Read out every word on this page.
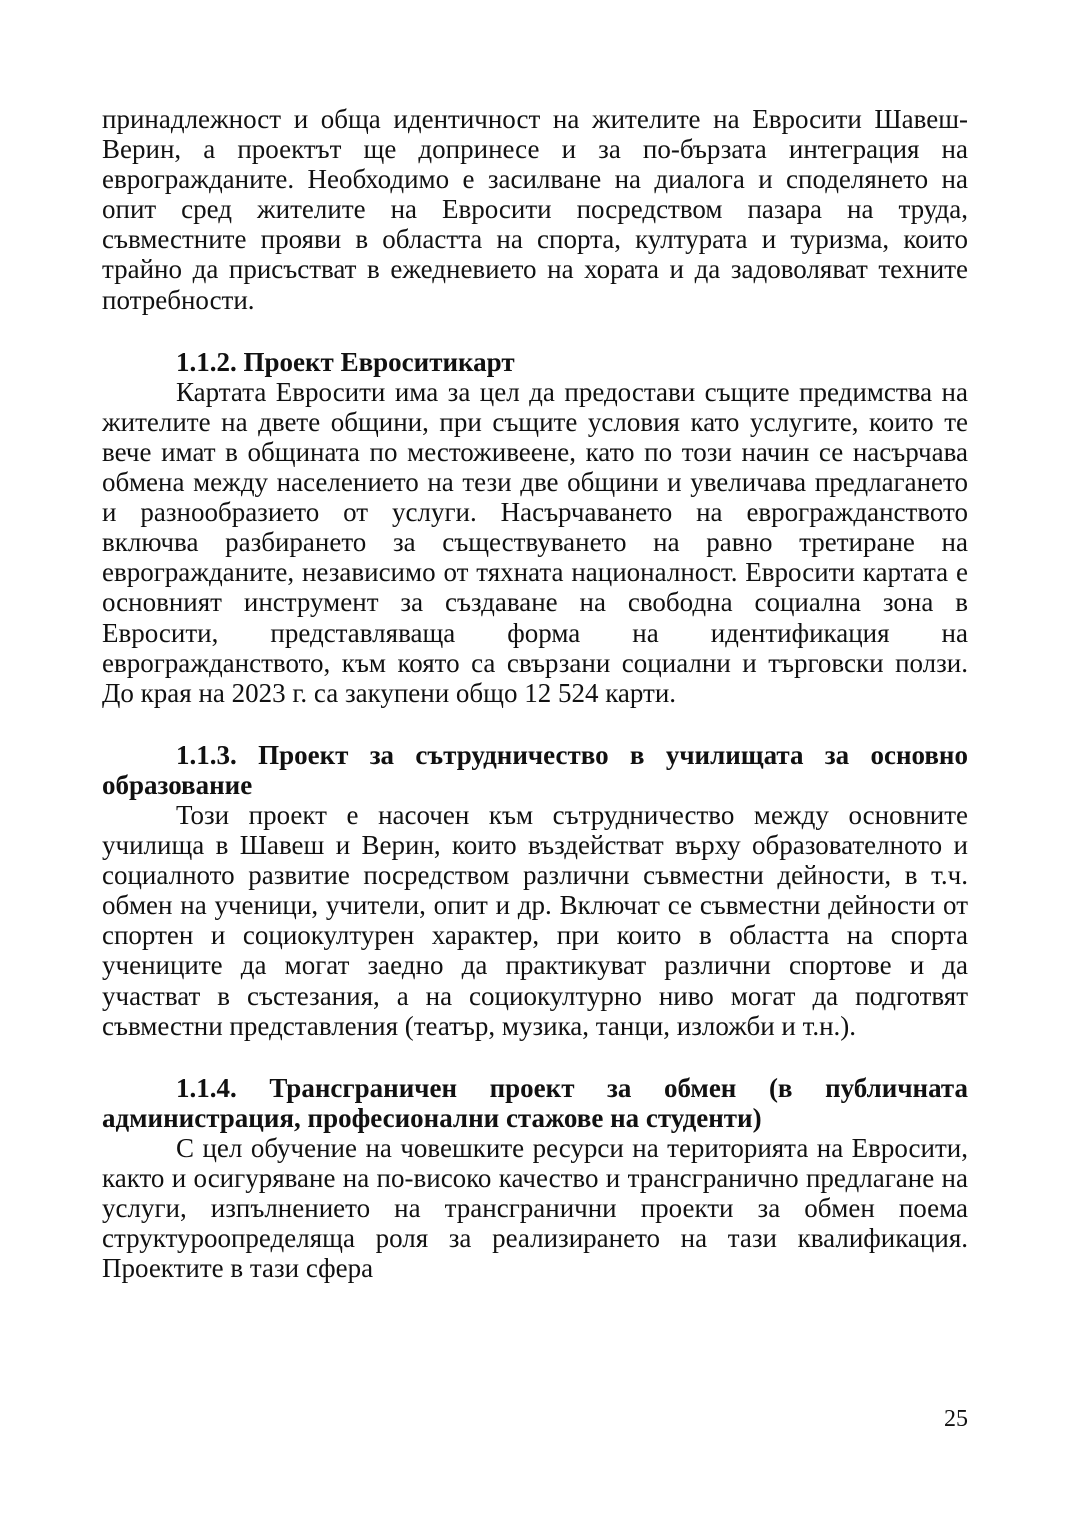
принадлежност и обща идентичност на жителите на Евросити Шавеш-Верин, а проектът ще допринесе и за по-бързата интеграция на еврогражданите. Необходимо е засилване на диалога и споделянето на опит сред жителите на Евросити посредством пазара на труда, съвместните прояви в областта на спорта, културата и туризма, които трайно да присъстват в ежедневието на хората и да задоволяват техните потребности.

1.1.2. Проект Евроситикарт

Картата Евросити има за цел да предостави същите предимства на жителите на двете общини, при същите условия като услугите, които те вече имат в общината по местоживеене, като по този начин се насърчава обмена между населението на тези две общини и увеличава предлагането и разнообразието от услуги. Насърчаването на еврогражданството включва разбирането за съществуването на равно третиране на еврогражданите, независимо от тяхната националност. Евросити картата е основният инструмент за създаване на свободна социална зона в Евросити, представляваща форма на идентификация на еврогражданството, към която са свързани социални и търговски ползи. До края на 2023 г. са закупени общо 12 524 карти.

1.1.3. Проект за сътрудничество в училищата за основно образование

Този проект е насочен към сътрудничество между основните училища в Шавеш и Верин, които въздействат върху образователното и социалното развитие посредством различни съвместни дейности, в т.ч. обмен на ученици, учители, опит и др. Включат се съвместни дейности от спортен и социокултурен характер, при които в областта на спорта учениците да могат заедно да практикуват различни спортове и да участват в състезания, а на социокултурно ниво могат да подготвят съвместни представления (театър, музика, танци, изложби и т.н.).

1.1.4. Трансграничен проект за обмен (в публичната администрация, професионални стажове на студенти)

С цел обучение на човешките ресурси на територията на Евросити, както и осигуряване на по-високо качество и трансгранично предлагане на услуги, изпълнението на трансгранични проекти за обмен поема структуроопределяща роля за реализирането на тази квалификация. Проектите в тази сфера

25
